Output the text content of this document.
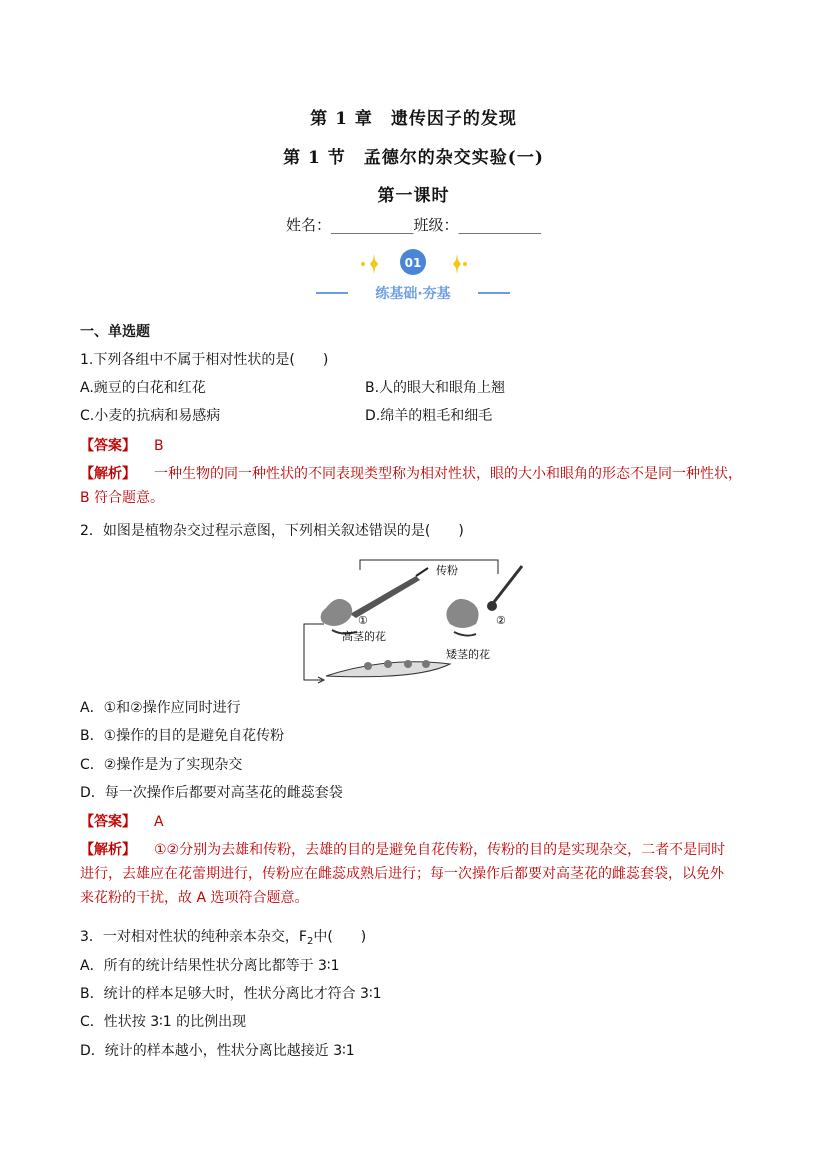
第 1 章　遗传因子的发现
第 1 节　孟德尔的杂交实验(一)
第一课时
姓名：___________班级：___________
01
练基础·夯基
一、单选题
1.下列各组中不属于相对性状的是(　　)
A.豌豆的白花和红花	B.人的眼大和眼角上翘
C.小麦的抗病和易感病	D.绵羊的粗毛和细毛
【答案】 B
【解析】 一种生物的同一种性状的不同表现类型称为相对性状，眼的大小和眼角的形态不是同一种性状，
B 符合题意。
2．如图是植物杂交过程示意图，下列相关叙述错误的是(　　)
传粉
①
高茎的花
②
矮茎的花
A．①和②操作应同时进行
B．①操作的目的是避免自花传粉
C．②操作是为了实现杂交
D．每一次操作后都要对高茎花的雌蕊套袋
【答案】 A
【解析】 ①②分别为去雄和传粉，去雄的目的是避免自花传粉，传粉的目的是实现杂交，二者不是同时
进行，去雄应在花蕾期进行，传粉应在雌蕊成熟后进行；每一次操作后都要对高茎花的雌蕊套袋，以免外
来花粉的干扰，故 A 选项符合题意。
3．一对相对性状的纯种亲本杂交，$F_2$中(　　)
A．所有的统计结果性状分离比都等于 3∶1
B．统计的样本足够大时，性状分离比才符合 3∶1
C．性状按 3∶1 的比例出现
D．统计的样本越小，性状分离比越接近 3∶1
